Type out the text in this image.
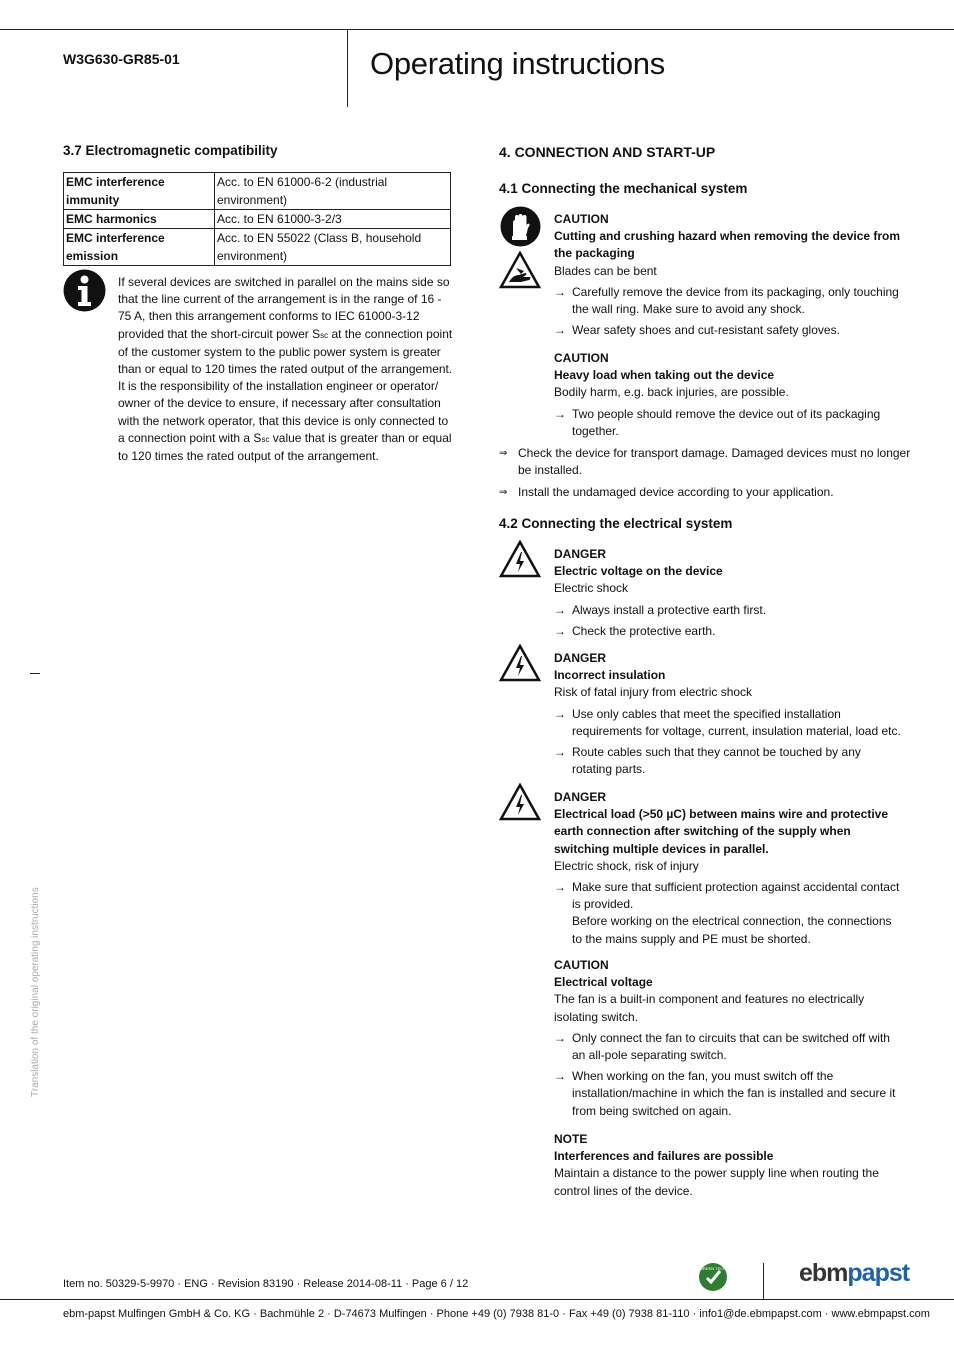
W3G630-GR85-01	Operating instructions
3.7 Electromagnetic compatibility
EMC interference immunity	Acc. to EN 61000-6-2 (industrial environment)
EMC harmonics	Acc. to EN 61000-3-2/3
EMC interference emission	Acc. to EN 55022 (Class B, household environment)
If several devices are switched in parallel on the mains side so that the line current of the arrangement is in the range of 16 - 75 A, then this arrangement conforms to IEC 61000-3-12 provided that the short-circuit power Ssc at the connection point of the customer system to the public power system is greater than or equal to 120 times the rated output of the arrangement.
It is the responsibility of the installation engineer or operator/ owner of the device to ensure, if necessary after consultation with the network operator, that this device is only connected to a connection point with a Ssc value that is greater than or equal to 120 times the rated output of the arrangement.
4. CONNECTION AND START-UP
4.1 Connecting the mechanical system
CAUTION
Cutting and crushing hazard when removing the device from the packaging
Blades can be bent
→ Carefully remove the device from its packaging, only touching the wall ring. Make sure to avoid any shock.
→ Wear safety shoes and cut-resistant safety gloves.
CAUTION
Heavy load when taking out the device
Bodily harm, e.g. back injuries, are possible.
→ Two people should remove the device out of its packaging together.
⇒ Check the device for transport damage. Damaged devices must no longer be installed.
⇒ Install the undamaged device according to your application.
4.2 Connecting the electrical system
DANGER
Electric voltage on the device
Electric shock
→ Always install a protective earth first.
→ Check the protective earth.
DANGER
Incorrect insulation
Risk of fatal injury from electric shock
→ Use only cables that meet the specified installation requirements for voltage, current, insulation material, load etc.
→ Route cables such that they cannot be touched by any rotating parts.
DANGER
Electrical load (>50 µC) between mains wire and protective earth connection after switching of the supply when switching multiple devices in parallel.
Electric shock, risk of injury
→ Make sure that sufficient protection against accidental contact is provided.
Before working on the electrical connection, the connections to the mains supply and PE must be shorted.
CAUTION
Electrical voltage
The fan is a built-in component and features no electrically isolating switch.
→ Only connect the fan to circuits that can be switched off with an all-pole separating switch.
→ When working on the fan, you must switch off the installation/machine in which the fan is installed and secure it from being switched on again.
NOTE
Interferences and failures are possible
Maintain a distance to the power supply line when routing the control lines of the device.
Translation of the original operating instructions
Item no. 50329-5-9970 · ENG · Revision 83190 · Release 2014-08-11 · Page 6 / 12
GREEN TECH	ebmpapst
ebm-papst Mulfingen GmbH & Co. KG · Bachmühle 2 · D-74673 Mulfingen · Phone +49 (0) 7938 81-0 · Fax +49 (0) 7938 81-110 · info1@de.ebmpapst.com · www.ebmpapst.com
